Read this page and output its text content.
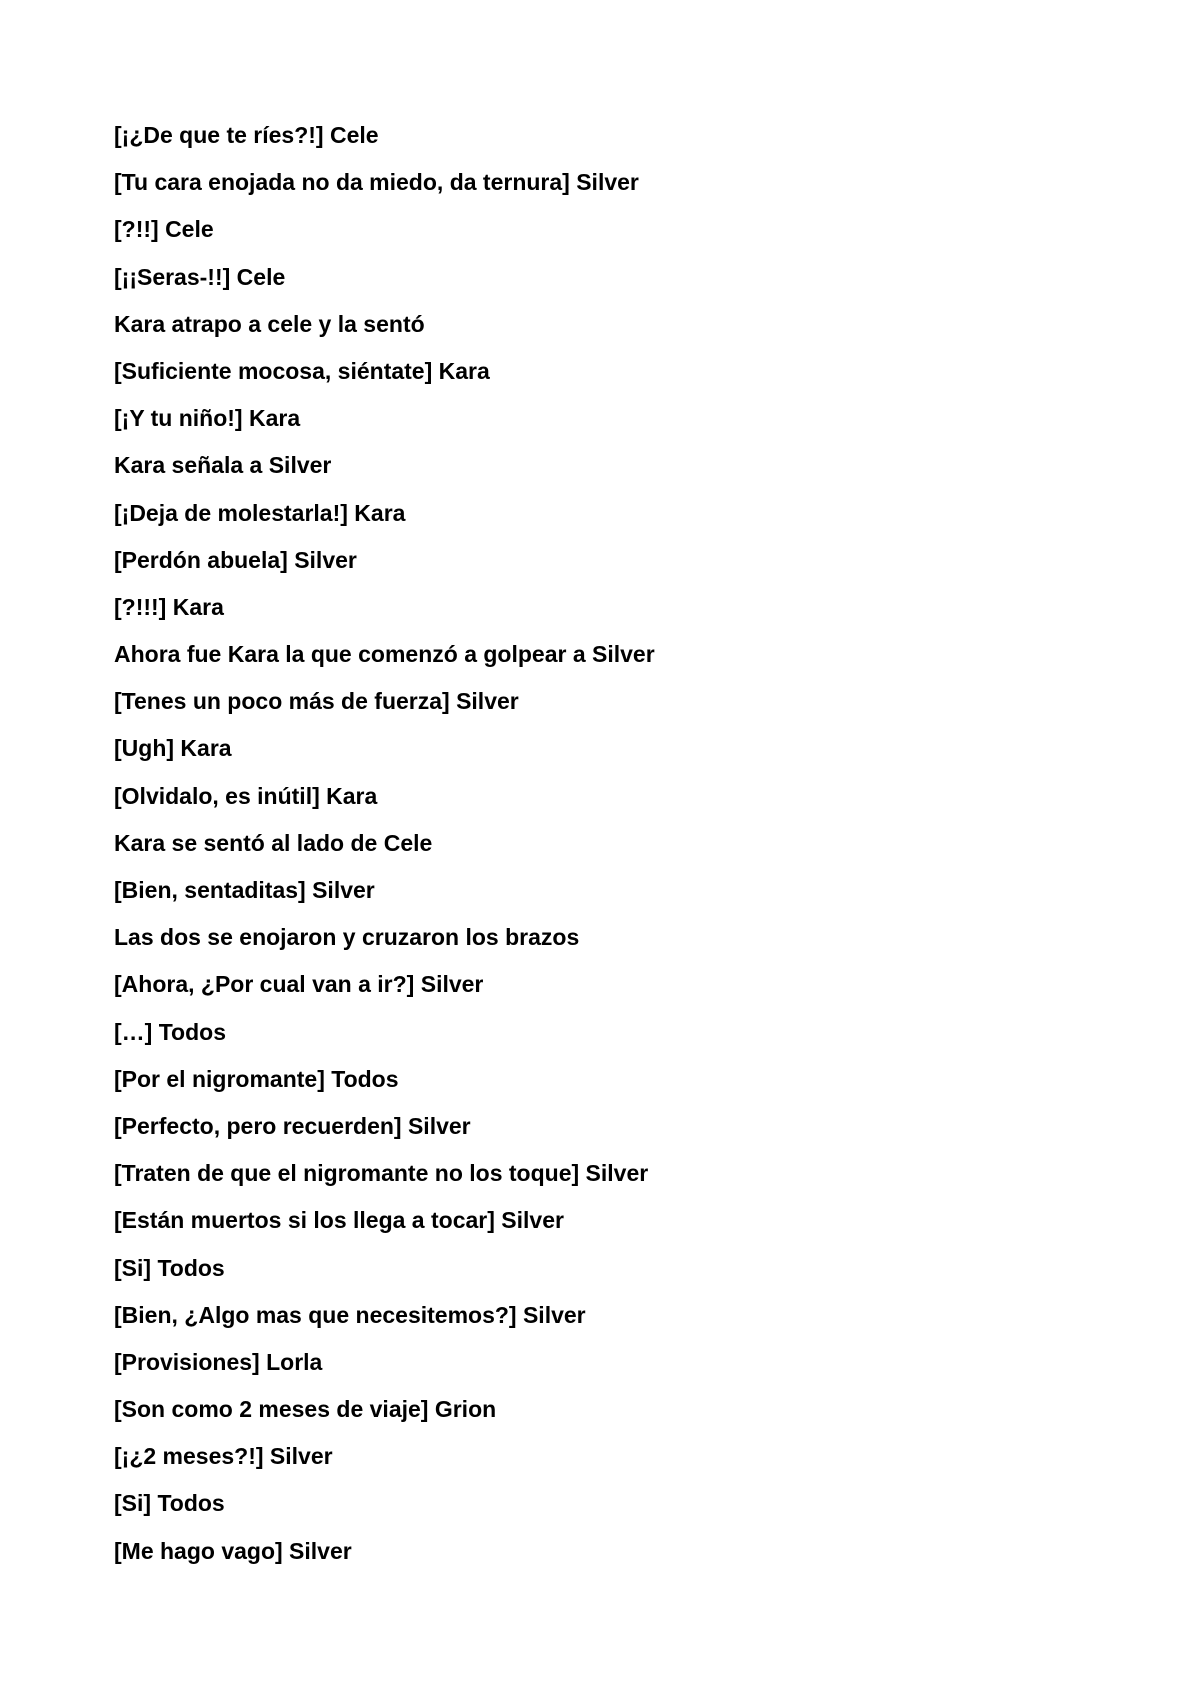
[¡¿De que te ríes?!] Cele
[Tu cara enojada no da miedo, da ternura] Silver
[?!!] Cele
[¡¡Seras-!!] Cele
Kara atrapo a cele y la sentó
[Suficiente mocosa, siéntate] Kara
[¡Y tu niño!] Kara
Kara señala a Silver
[¡Deja de molestarla!] Kara
[Perdón abuela] Silver
[?!!!] Kara
Ahora fue Kara la que comenzó a golpear a Silver
[Tenes un poco más de fuerza] Silver
[Ugh] Kara
[Olvidalo, es inútil] Kara
Kara se sentó al lado de Cele
[Bien, sentaditas] Silver
Las dos se enojaron y cruzaron los brazos
[Ahora, ¿Por cual van a ir?] Silver
[…] Todos
[Por el nigromante] Todos
[Perfecto, pero recuerden] Silver
[Traten de que el nigromante no los toque] Silver
[Están muertos si los llega a tocar] Silver
[Si] Todos
[Bien, ¿Algo mas que necesitemos?] Silver
[Provisiones] Lorla
[Son como 2 meses de viaje] Grion
[¡¿2 meses?!] Silver
[Si] Todos
[Me hago vago] Silver
